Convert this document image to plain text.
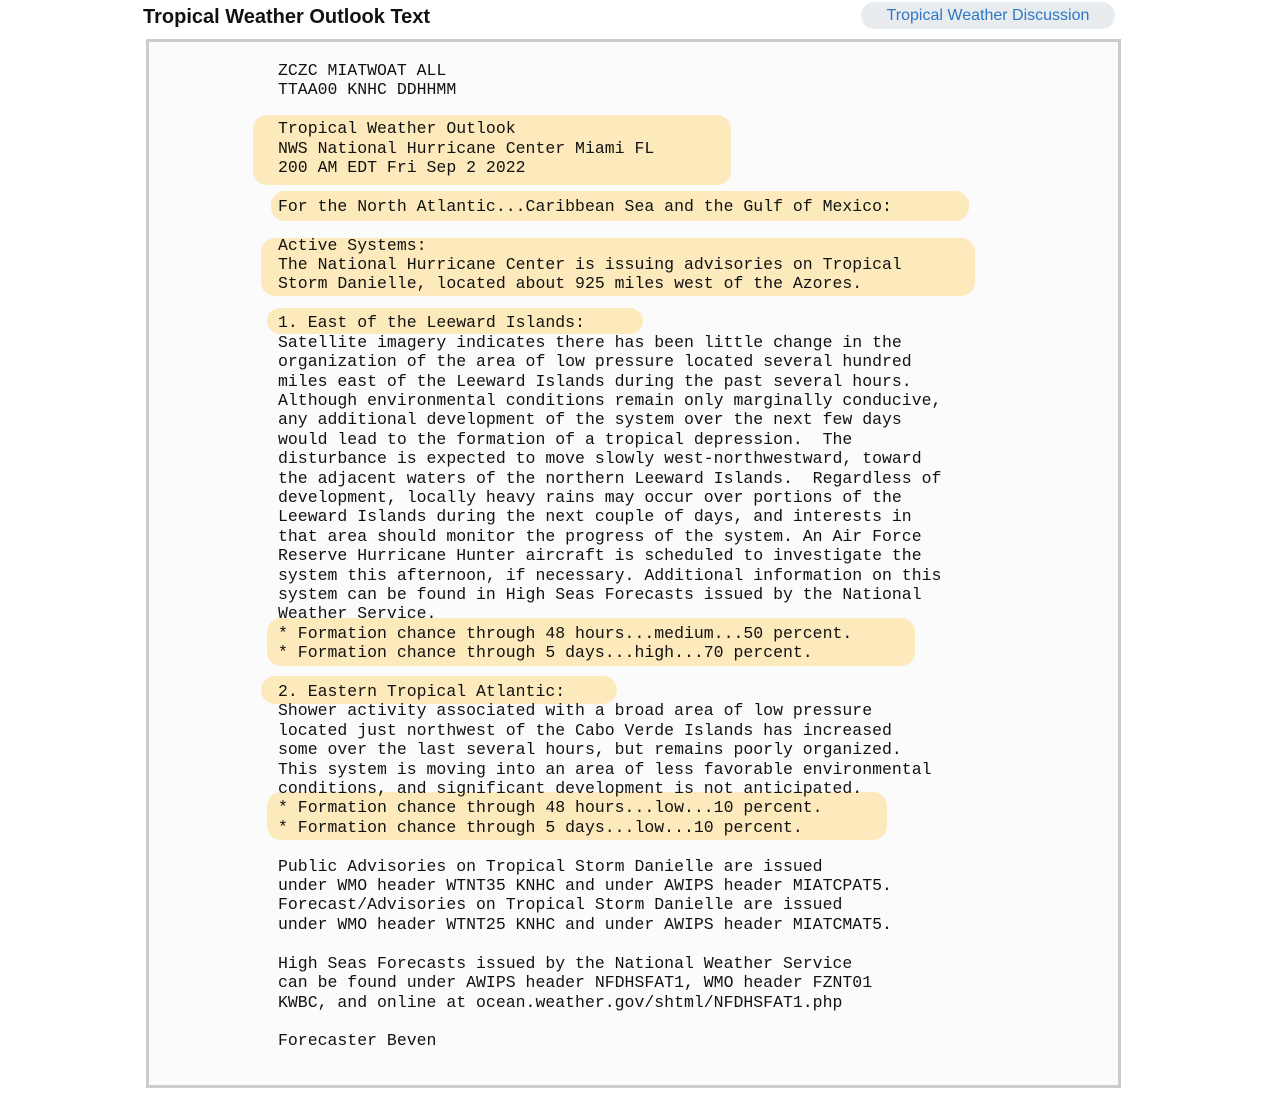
Tropical Weather Outlook Text	Tropical Weather Discussion
ZCZC MIATWOAT ALL
TTAA00 KNHC DDHHMM

Tropical Weather Outlook
NWS National Hurricane Center Miami FL
200 AM EDT Fri Sep 2 2022

For the North Atlantic...Caribbean Sea and the Gulf of Mexico:

Active Systems:
The National Hurricane Center is issuing advisories on Tropical
Storm Danielle, located about 925 miles west of the Azores.

1. East of the Leeward Islands:
Satellite imagery indicates there has been little change in the
organization of the area of low pressure located several hundred
miles east of the Leeward Islands during the past several hours.
Although environmental conditions remain only marginally conducive,
any additional development of the system over the next few days
would lead to the formation of a tropical depression.  The
disturbance is expected to move slowly west-northwestward, toward
the adjacent waters of the northern Leeward Islands.  Regardless of
development, locally heavy rains may occur over portions of the
Leeward Islands during the next couple of days, and interests in
that area should monitor the progress of the system. An Air Force
Reserve Hurricane Hunter aircraft is scheduled to investigate the
system this afternoon, if necessary. Additional information on this
system can be found in High Seas Forecasts issued by the National
Weather Service.
* Formation chance through 48 hours...medium...50 percent.
* Formation chance through 5 days...high...70 percent.

2. Eastern Tropical Atlantic:
Shower activity associated with a broad area of low pressure
located just northwest of the Cabo Verde Islands has increased
some over the last several hours, but remains poorly organized.
This system is moving into an area of less favorable environmental
conditions, and significant development is not anticipated.
* Formation chance through 48 hours...low...10 percent.
* Formation chance through 5 days...low...10 percent.

Public Advisories on Tropical Storm Danielle are issued
under WMO header WTNT35 KNHC and under AWIPS header MIATCPAT5.
Forecast/Advisories on Tropical Storm Danielle are issued
under WMO header WTNT25 KNHC and under AWIPS header MIATCMAT5.

High Seas Forecasts issued by the National Weather Service
can be found under AWIPS header NFDHSFAT1, WMO header FZNT01
KWBC, and online at ocean.weather.gov/shtml/NFDHSFAT1.php

Forecaster Beven
